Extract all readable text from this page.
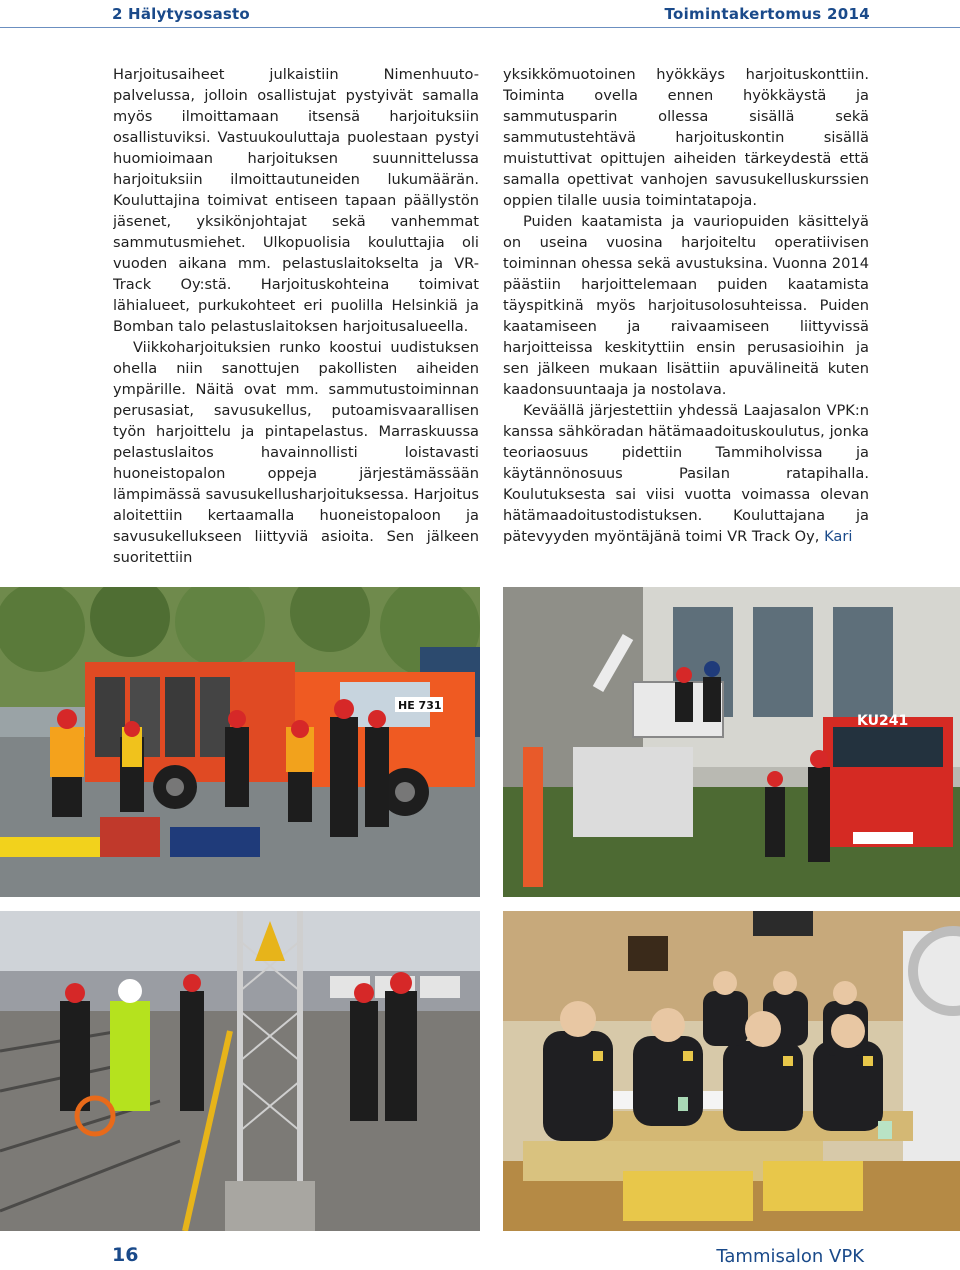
2 Hälytysosasto	Toimintakertomus 2014

Harjoitusaiheet julkaistiin Nimenhuuto-palvelussa, jolloin osallistujat pystyivät samalla myös ilmoittamaan itsensä harjoituksiin osallistuviksi. Vastuukouluttaja puolestaan pystyi huomioimaan harjoituksen suunnittelussa harjoituksiin ilmoittautuneiden lukumäärän. Kouluttajina toimivat entiseen tapaan päällystön jäsenet, yksikönjohtajat sekä vanhemmat sammutusmiehet. Ulkopuolisia kouluttajia oli vuoden aikana mm. pelastuslaitokselta ja VR-Track Oy:stä. Harjoituskohteina toimivat lähialueet, purkukohteet eri puolilla Helsinkiä ja Bomban talo pelastuslaitoksen harjoitusalueella.

Viikkoharjoituksien runko koostui uudistuksen ohella niin sanottujen pakollisten aiheiden ympärille. Näitä ovat mm. sammutustoiminnan perusasiat, savusukellus, putoamisvaarallisen työn harjoittelu ja pintapelastus. Marraskuussa pelastuslaitos havainnollisti loistavasti huoneistopalon oppeja järjestämässään lämpimässä savusukellusharjoituksessa. Harjoitus aloitettiin kertaamalla huoneistopaloon ja savusukellukseen liittyviä asioita. Sen jälkeen suoritettiin

yksikkömuotoinen hyökkäys harjoituskonttiin. Toiminta ovella ennen hyökkäystä ja sammutusparin ollessa sisällä sekä sammutustehtävä harjoituskontin sisällä muistuttivat opittujen aiheiden tärkeydestä että samalla opettivat vanhojen savusukelluskurssien oppien tilalle uusia toimintatapoja.

Puiden kaatamista ja vauriopuiden käsittelyä on useina vuosina harjoiteltu operatiivisen toiminnan ohessa sekä avustuksina. Vuonna 2014 päästiin harjoittelemaan puiden kaatamista täyspitkinä myös harjoitusolosuhteissa. Puiden kaatamiseen ja raivaamiseen liittyvissä harjoitteissa keskityttiin ensin perusasioihin ja sen jälkeen mukaan lisättiin apuvälineitä kuten kaadonsuuntaaja ja nostolava.

Keväällä järjestettiin yhdessä Laajasalon VPK:n kanssa sähköradan hätämaadoituskoulutus, jonka teoriaosuus pidettiin Tammiholvissa ja käytännönosuus Pasilan ratapihalla. Koulutuksesta sai viisi vuotta voimassa olevan hätämaadoitustodistuksen. Kouluttajana ja pätevyyden myöntäjänä toimi VR Track Oy, Kari

HE 731
KU241
16	Tammisalon VPK
